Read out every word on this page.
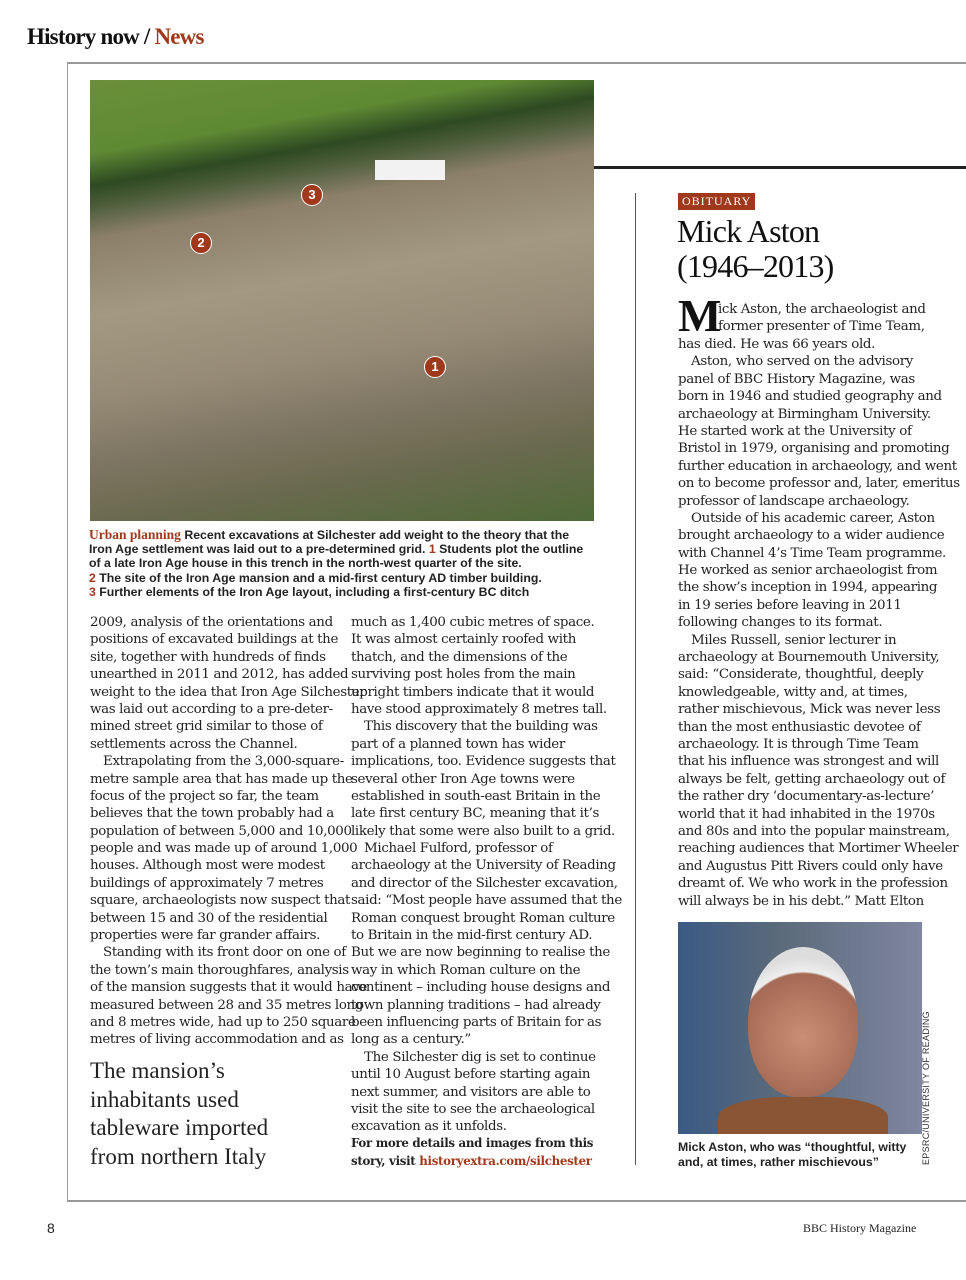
History now / News
1
2
3
Urban planning Recent excavations at Silchester add weight to the theory that the Iron Age settlement was laid out to a pre-determined grid. 1 Students plot the outline of a late Iron Age house in this trench in the north-west quarter of the site.
2 The site of the Iron Age mansion and a mid-first century AD timber building.
3 Further elements of the Iron Age layout, including a first-century BC ditch
2009, analysis of the orientations and
positions of excavated buildings at the
site, together with hundreds of finds
unearthed in 2011 and 2012, has added
weight to the idea that Iron Age Silchester
was laid out according to a pre-deter-
mined street grid similar to those of
settlements across the Channel.
 Extrapolating from the 3,000-square-
metre sample area that has made up the
focus of the project so far, the team
believes that the town probably had a
population of between 5,000 and 10,000
people and was made up of around 1,000
houses. Although most were modest
buildings of approximately 7 metres
square, archaeologists now suspect that
between 15 and 30 of the residential
properties were far grander affairs.
 Standing with its front door on one of
the town’s main thoroughfares, analysis
of the mansion suggests that it would have
measured between 28 and 35 metres long
and 8 metres wide, had up to 250 square
metres of living accommodation and as
much as 1,400 cubic metres of space.
It was almost certainly roofed with
thatch, and the dimensions of the
surviving post holes from the main
upright timbers indicate that it would
have stood approximately 8 metres tall.
 This discovery that the building was
part of a planned town has wider
implications, too. Evidence suggests that
several other Iron Age towns were
established in south-east Britain in the
late first century BC, meaning that it’s
likely that some were also built to a grid.
 Michael Fulford, professor of
archaeology at the University of Reading
and director of the Silchester excavation,
said: “Most people have assumed that the
Roman conquest brought Roman culture
to Britain in the mid-first century AD.
But we are now beginning to realise the
way in which Roman culture on the
continent – including house designs and
town planning traditions – had already
been influencing parts of Britain for as
long as a century.”
 The Silchester dig is set to continue
until 10 August before starting again
next summer, and visitors are able to
visit the site to see the archaeological
excavation as it unfolds.
The mansion’s
inhabitants used
tableware imported
from northern Italy
For more details and images from this
story, visit historyextra.com/silchester
OBITUARY
Mick Aston
(1946–2013)
M
ick Aston, the archaeologist and
former presenter of Time Team,
has died. He was 66 years old.
 Aston, who served on the advisory
panel of BBC History Magazine, was
born in 1946 and studied geography and
archaeology at Birmingham University.
He started work at the University of
Bristol in 1979, organising and promoting
further education in archaeology, and went
on to become professor and, later, emeritus
professor of landscape archaeology.
 Outside of his academic career, Aston
brought archaeology to a wider audience
with Channel 4’s Time Team programme.
He worked as senior archaeologist from
the show’s inception in 1994, appearing
in 19 series before leaving in 2011
following changes to its format.
 Miles Russell, senior lecturer in
archaeology at Bournemouth University,
said: “Considerate, thoughtful, deeply
knowledgeable, witty and, at times,
rather mischievous, Mick was never less
than the most enthusiastic devotee of
archaeology. It is through Time Team
that his influence was strongest and will
always be felt, getting archaeology out of
the rather dry ‘documentary-as-lecture’
world that it had inhabited in the 1970s
and 80s and into the popular mainstream,
reaching audiences that Mortimer Wheeler
and Augustus Pitt Rivers could only have
dreamt of. We who work in the profession
will always be in his debt.” Matt Elton
Mick Aston, who was “thoughtful, witty
and, at times, rather mischievous”	EPSRC/UNIVERSITY OF READING
8	BBC History Magazine
